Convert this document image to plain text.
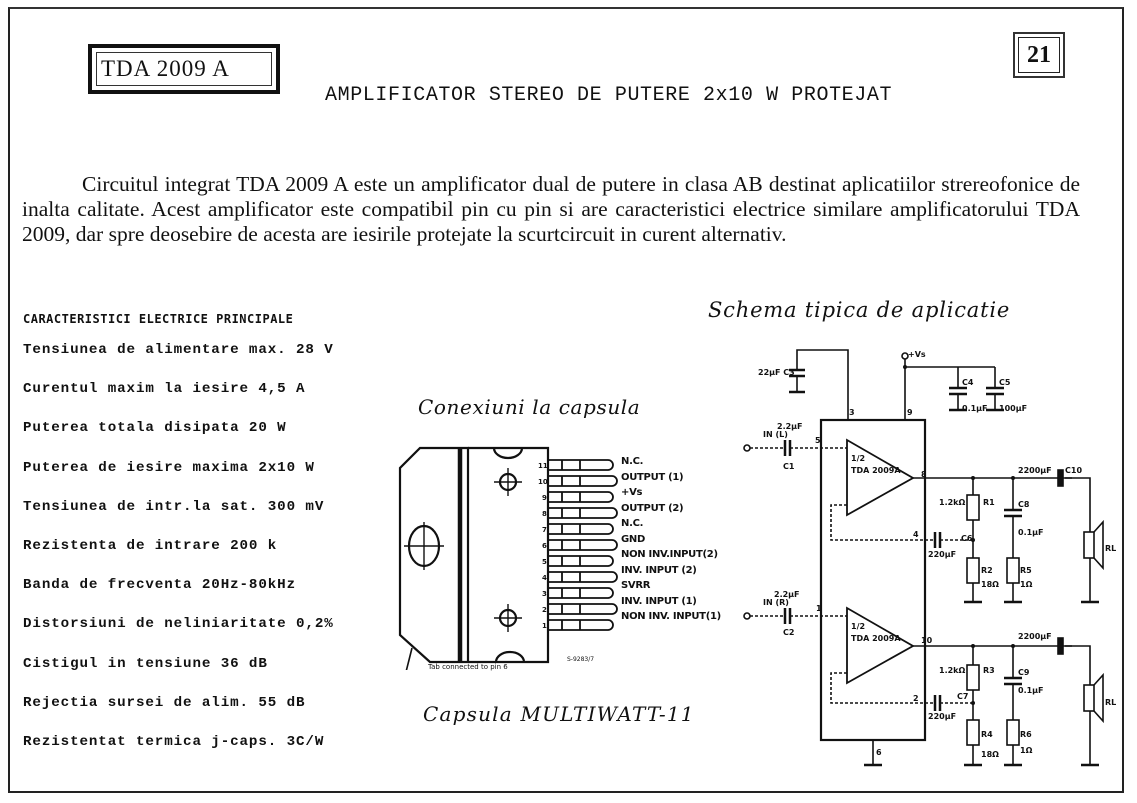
TDA 2009 A
21
AMPLIFICATOR STEREO DE PUTERE 2x10 W PROTEJAT

Circuitul integrat TDA 2009 A este un amplificator dual de putere in clasa AB destinat aplicatiilor strereofonice de inalta calitate. Acest amplificator este compatibil pin cu pin si are caracteristici electrice similare amplificatorului TDA 2009, dar spre deosebire de acesta are iesirile protejate la scurtcircuit in curent alternativ.

CARACTERISTICI ELECTRICE PRINCIPALE
Tensiunea de alimentare max. 28 V
Curentul maxim la iesire 4,5 A
Puterea totala disipata 20 W
Puterea de iesire maxima 2x10 W
Tensiunea de intr.la sat. 300 mV
Rezistenta de intrare 200 k
Banda de frecventa 20Hz-80kHz
Distorsiuni de neliniaritate 0,2%
Cistigul in tensiune 36 dB
Rejectia sursei de alim. 55 dB
Rezistentat termica j-caps. 3C/W
Conexiuni la capsula
11
10
9
8
7
6
5
4
3
2
1
N.C.
OUTPUT (1)
+Vs
OUTPUT (2)
N.C.
GND
NON INV.INPUT(2)
INV. INPUT (2)
SVRR
INV. INPUT (1)
NON INV. INPUT(1)
Tab connected to pin 6
S-9283/7
Capsula MULTIWATT-11
Schema tipica de aplicatie
22µF C3
+Vs
C4
0.1µF
C5
100µF
3	9
IN (L)
2.2µF
C1
5
1/2
TDA 2009A	8
1.2kΩ R1
C6
220µF
4
R2
18Ω
C8
0.1µF
R5
1Ω
2200µF C10
RL
IN (R)
2.2µF
C2
1
1/2
TDA 2009A	10
1.2kΩ R3
C7
220µF
2
R4
18Ω
C9
0.1µF
R6
1Ω
2200µF
RL
6
